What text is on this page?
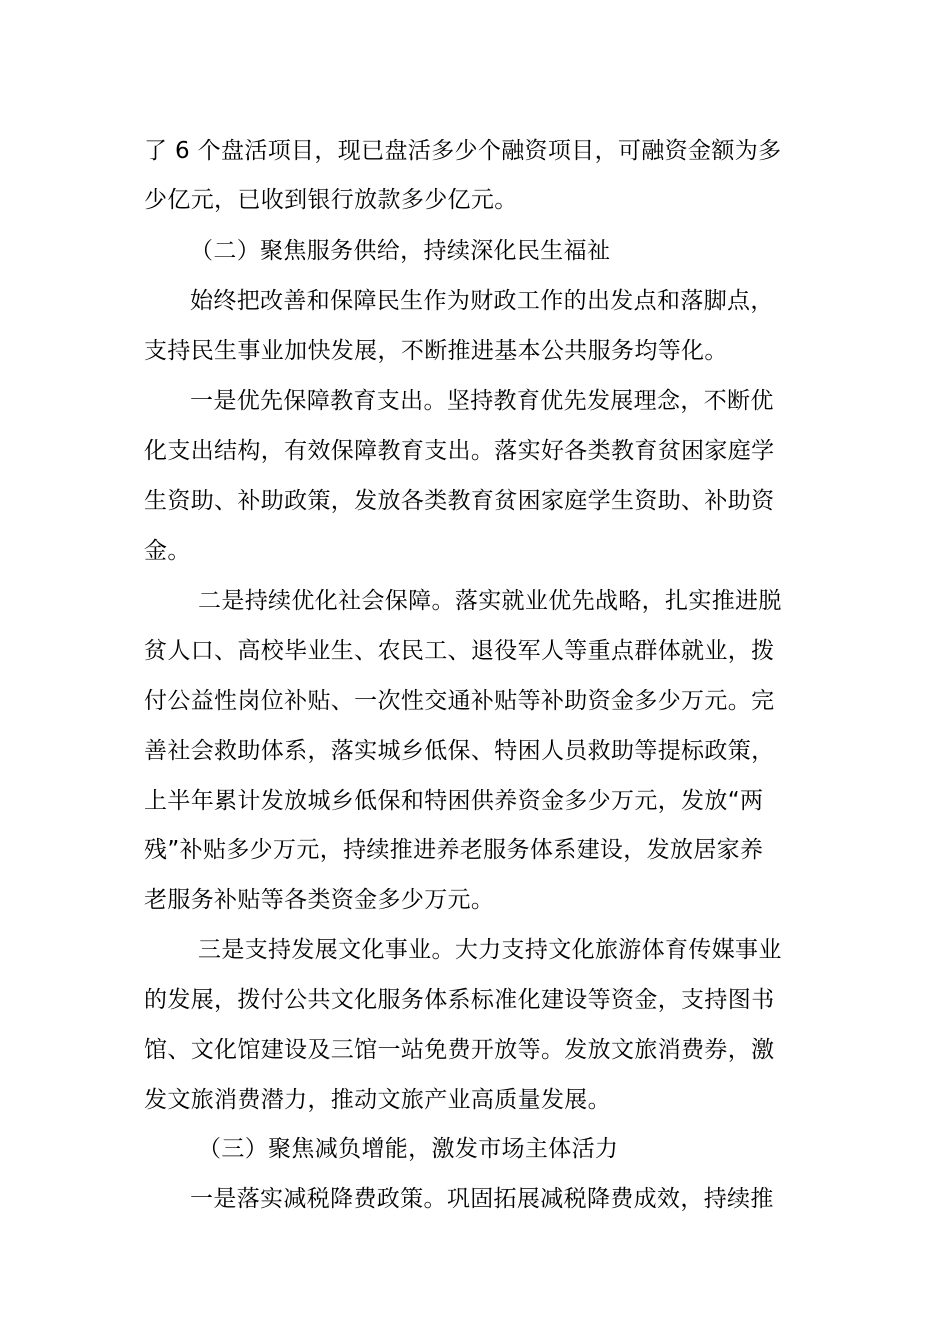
了 6 个盘活项目，现已盘活多少个融资项目，可融资金额为多
少亿元，已收到银行放款多少亿元。
（二）聚焦服务供给，持续深化民生福祉
始终把改善和保障民生作为财政工作的出发点和落脚点，
支持民生事业加快发展，不断推进基本公共服务均等化。
一是优先保障教育支出。坚持教育优先发展理念，不断优
化支出结构，有效保障教育支出。落实好各类教育贫困家庭学
生资助、补助政策，发放各类教育贫困家庭学生资助、补助资
金。
二是持续优化社会保障。落实就业优先战略，扎实推进脱
贫人口、高校毕业生、农民工、退役军人等重点群体就业，拨
付公益性岗位补贴、一次性交通补贴等补助资金多少万元。完
善社会救助体系，落实城乡低保、特困人员救助等提标政策，
上半年累计发放城乡低保和特困供养资金多少万元，发放“两
残”补贴多少万元，持续推进养老服务体系建设，发放居家养
老服务补贴等各类资金多少万元。
三是支持发展文化事业。大力支持文化旅游体育传媒事业
的发展，拨付公共文化服务体系标准化建设等资金，支持图书
馆、文化馆建设及三馆一站免费开放等。发放文旅消费券，激
发文旅消费潜力，推动文旅产业高质量发展。
（三）聚焦减负增能，激发市场主体活力
一是落实减税降费政策。巩固拓展减税降费成效，持续推
